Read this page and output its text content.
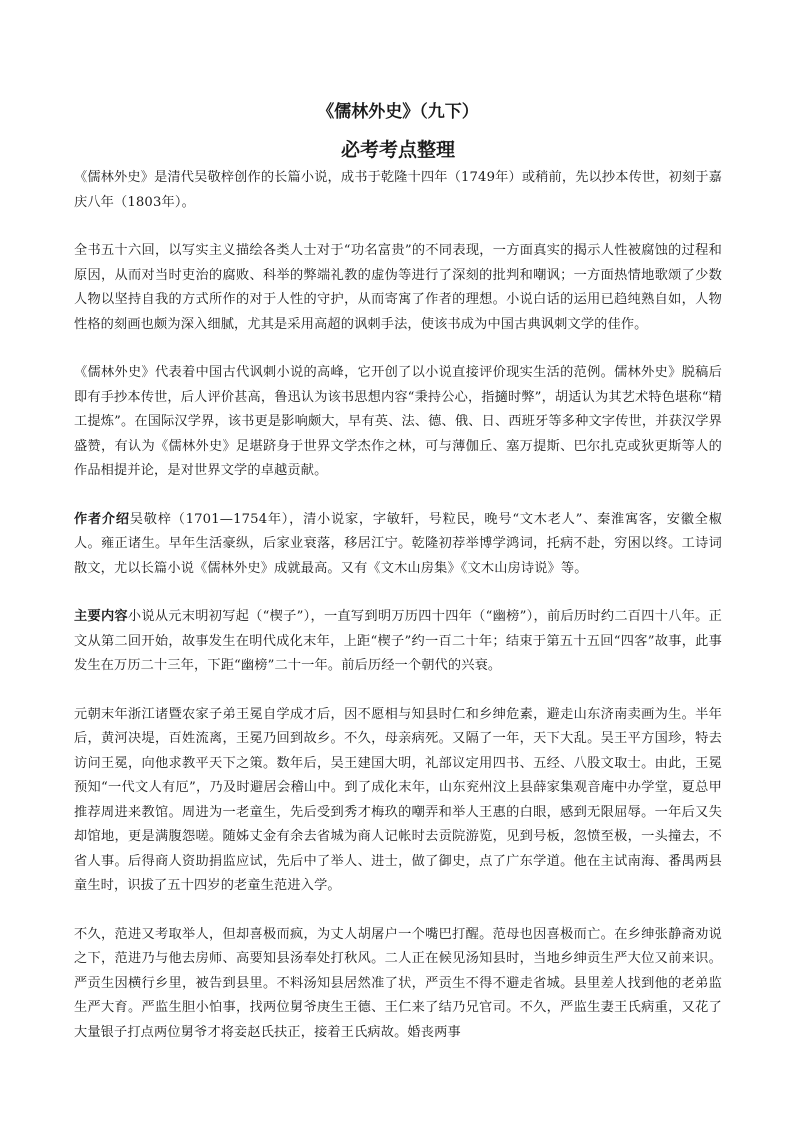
《儒林外史》（九下）
必考考点整理

《儒林外史》是清代吴敬梓创作的长篇小说，成书于乾隆十四年（1749年）或稍前，先以抄本传世，初刻于嘉庆八年（1803年）。

全书五十六回，以写实主义描绘各类人士对于“功名富贵”的不同表现，一方面真实的揭示人性被腐蚀的过程和原因，从而对当时吏治的腐败、科举的弊端礼教的虚伪等进行了深刻的批判和嘲讽；一方面热情地歌颂了少数人物以坚持自我的方式所作的对于人性的守护，从而寄寓了作者的理想。小说白话的运用已趋纯熟自如，人物性格的刻画也颇为深入细腻，尤其是采用高超的讽刺手法，使该书成为中国古典讽刺文学的佳作。

《儒林外史》代表着中国古代讽刺小说的高峰，它开创了以小说直接评价现实生活的范例。儒林外史》脱稿后即有手抄本传世，后人评价甚高，鲁迅认为该书思想内容“秉持公心，指擿时弊”，胡适认为其艺术特色堪称“精工提炼”。在国际汉学界，该书更是影响颇大，早有英、法、德、俄、日、西班牙等多种文字传世，并获汉学界盛赞，有认为《儒林外史》足堪跻身于世界文学杰作之林，可与薄伽丘、塞万提斯、巴尔扎克或狄更斯等人的作品相提并论，是对世界文学的卓越贡献。

作者介绍吴敬梓（1701—1754年），清小说家，字敏轩，号粒民，晚号“文木老人”、秦淮寓客，安徽全椒人。雍正诸生。早年生活豪纵，后家业衰落，移居江宁。乾隆初荐举博学鸿词，托病不赴，穷困以终。工诗词散文，尤以长篇小说《儒林外史》成就最高。又有《文木山房集》《文木山房诗说》等。

主要内容小说从元末明初写起（“楔子”），一直写到明万历四十四年（“幽榜”），前后历时约二百四十八年。正文从第二回开始，故事发生在明代成化末年，上距“楔子”约一百二十年；结束于第五十五回“四客”故事，此事发生在万历二十三年，下距“幽榜”二十一年。前后历经一个朝代的兴衰。

元朝末年浙江诸暨农家子弟王冕自学成才后，因不愿相与知县时仁和乡绅危素，避走山东济南卖画为生。半年后，黄河决堤，百姓流离，王冕乃回到故乡。不久，母亲病死。又隔了一年，天下大乱。吴王平方国珍，特去访问王冕，向他求教平天下之策。数年后，吴王建国大明，礼部议定用四书、五经、八股文取士。由此，王冕预知“一代文人有厄”，乃及时避居会稽山中。到了成化末年，山东兖州汶上县薛家集观音庵中办学堂，夏总甲推荐周进来教馆。周进为一老童生，先后受到秀才梅玖的嘲弄和举人王惠的白眼，感到无限屈辱。一年后又失却馆地，更是满腹怨嗟。随姊丈金有余去省城为商人记帐时去贡院游览，见到号板，忽愤至极，一头撞去，不省人事。后得商人资助捐监应试，先后中了举人、进士，做了御史，点了广东学道。他在主试南海、番禺两县童生时，识拔了五十四岁的老童生范进入学。

不久，范进又考取举人，但却喜极而疯，为丈人胡屠户一个嘴巴打醒。范母也因喜极而亡。在乡绅张静斋劝说之下，范进乃与他去房师、高要知县汤奉处打秋风。二人正在候见汤知县时，当地乡绅贡生严大位又前来识。严贡生因横行乡里，被告到县里。不料汤知县居然准了状，严贡生不得不避走省城。县里差人找到他的老弟监生严大育。严监生胆小怕事，找两位舅爷庚生王德、王仁来了结乃兄官司。不久，严监生妻王氏病重，又花了大量银子打点两位舅爷才将妾赵氏扶正，接着王氏病故。婚丧两事
